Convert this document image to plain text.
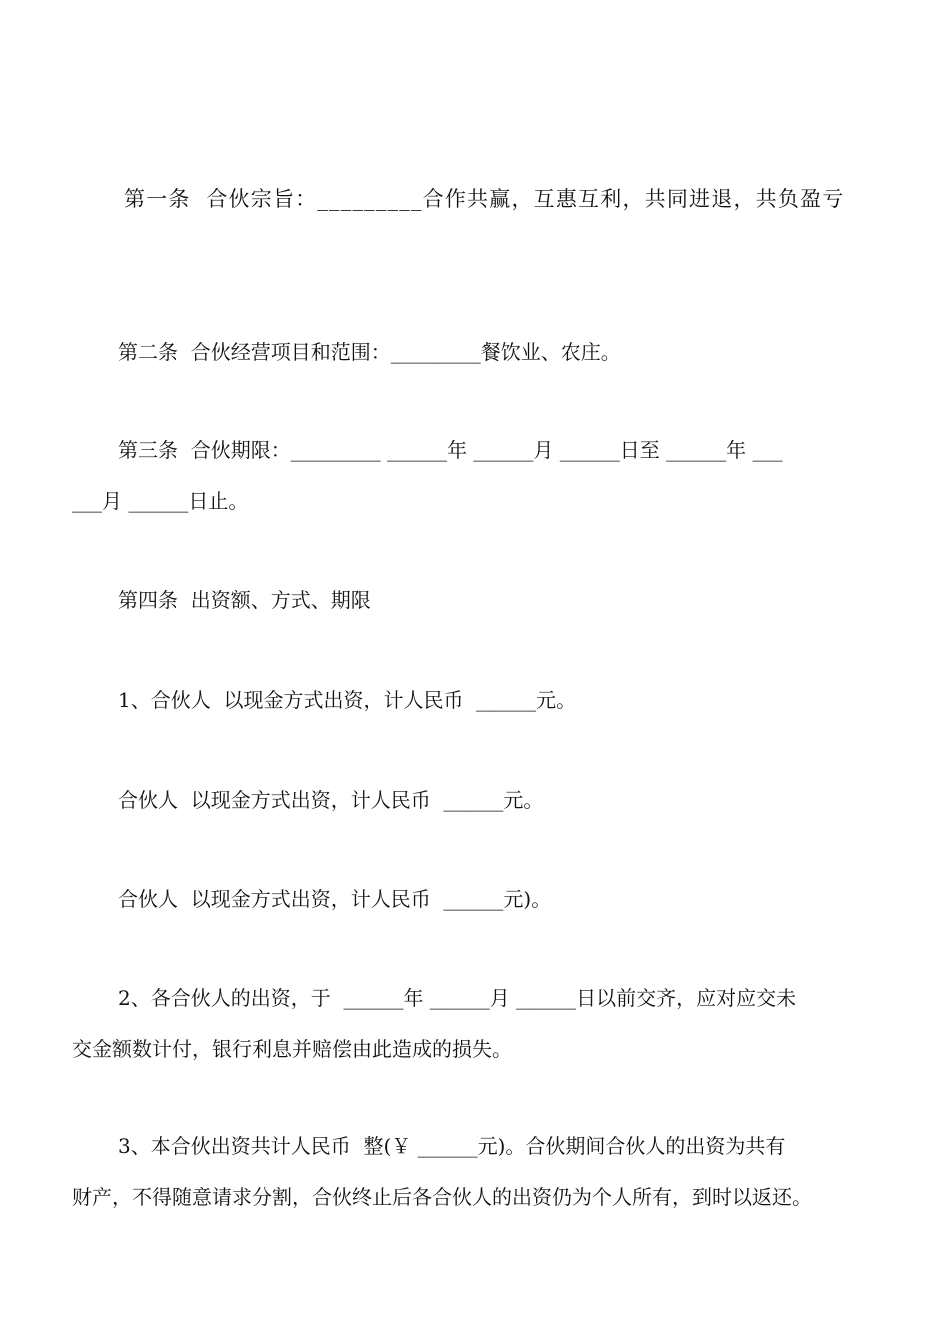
第一条  合伙宗旨：_________合作共赢，互惠互利，共同进退，共负盈亏
第二条  合伙经营项目和范围：_________餐饮业、农庄。
第三条  合伙期限：_________ ______年 ______月 ______日至 ______年 ___
___月 ______日止。
第四条  出资额、方式、期限
1、合伙人  以现金方式出资，计人民币  ______元。
合伙人  以现金方式出资，计人民币  ______元。
合伙人  以现金方式出资，计人民币  ______元)。
2、各合伙人的出资，于  ______年 ______月 ______日以前交齐，应对应交未
交金额数计付，银行利息并赔偿由此造成的损失。
3、本合伙出资共计人民币  整(￥ ______元)。合伙期间合伙人的出资为共有
财产，不得随意请求分割，合伙终止后各合伙人的出资仍为个人所有，到时以返还。
